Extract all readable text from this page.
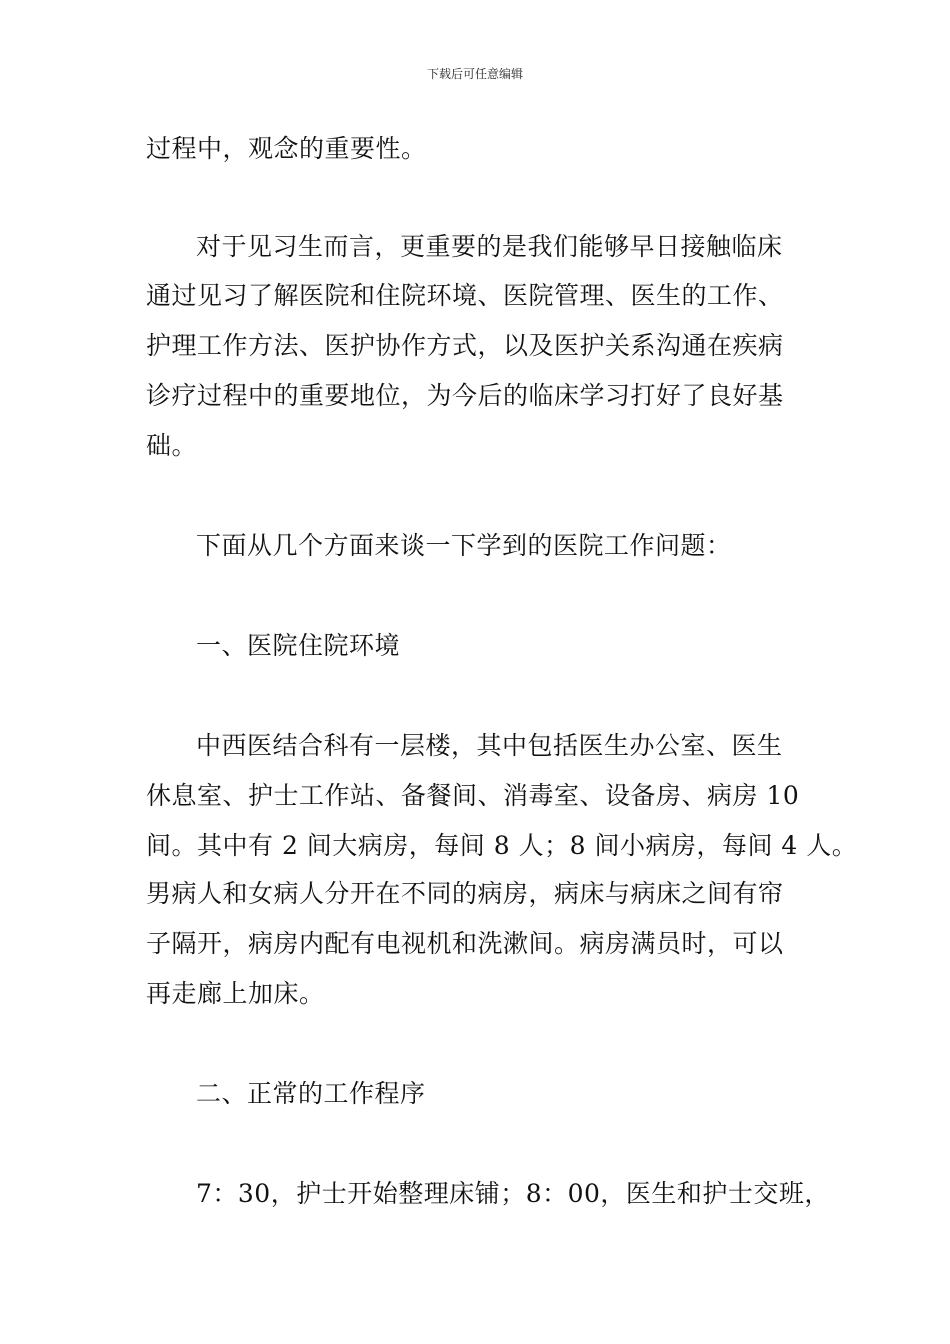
下载后可任意编辑
过程中，观念的重要性。
对于见习生而言，更重要的是我们能够早日接触临床
通过见习了解医院和住院环境、医院管理、医生的工作、
护理工作方法、医护协作方式，以及医护关系沟通在疾病
诊疗过程中的重要地位，为今后的临床学习打好了良好基
础。
下面从几个方面来谈一下学到的医院工作问题：
一、医院住院环境
中西医结合科有一层楼，其中包括医生办公室、医生
休息室、护士工作站、备餐间、消毒室、设备房、病房 10
间。其中有 2 间大病房，每间 8 人；8 间小病房，每间 4 人。
男病人和女病人分开在不同的病房，病床与病床之间有帘
子隔开，病房内配有电视机和洗漱间。病房满员时，可以
再走廊上加床。
二、正常的工作程序
7：30，护士开始整理床铺；8：00，医生和护士交班，
